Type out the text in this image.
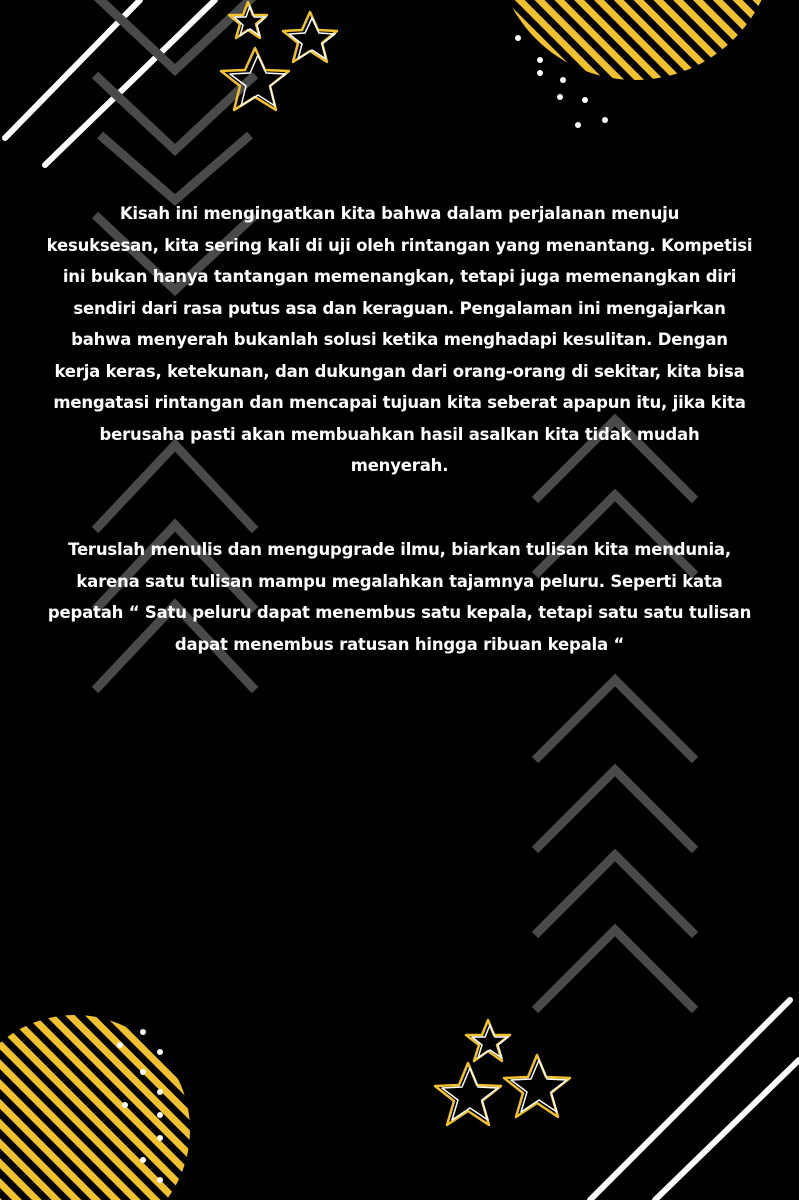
Kisah ini mengingatkan kita bahwa dalam perjalanan menuju
kesuksesan, kita sering kali di uji oleh rintangan yang menantang. Kompetisi
ini bukan hanya tantangan memenangkan, tetapi juga memenangkan diri
sendiri dari rasa putus asa dan keraguan. Pengalaman ini mengajarkan
bahwa menyerah bukanlah solusi ketika menghadapi kesulitan. Dengan
kerja keras, ketekunan, dan dukungan dari orang-orang di sekitar, kita bisa
mengatasi rintangan dan mencapai tujuan kita seberat apapun itu, jika kita
berusaha pasti akan membuahkan hasil asalkan kita tidak mudah
menyerah.
Teruslah menulis dan mengupgrade ilmu, biarkan tulisan kita mendunia,
karena satu tulisan mampu megalahkan tajamnya peluru. Seperti kata
pepatah “ Satu peluru dapat menembus satu kepala, tetapi satu satu tulisan
dapat menembus ratusan hingga ribuan kepala “
